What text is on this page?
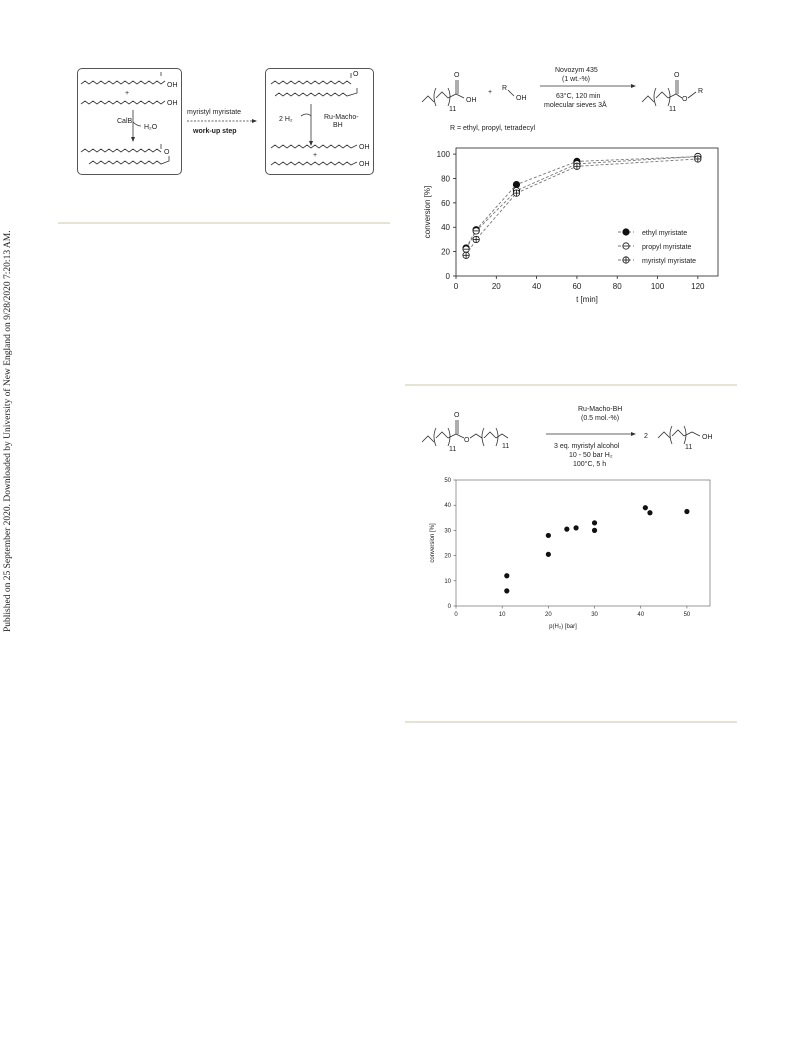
Published on 25 September 2020. Downloaded by University of New England on 9/28/2020 7:20:13 AM.
OH
+
OH
CalB
H₂O
O
myristyl myristate
work-up step
O
2 H₂	Ru-Macho-
BH
OH
+
OH
11
O
OH
+
R
OH
Novozym 435
(1 wt.-%)
63°C, 120 min
molecular sieves 3Å
11
O
O
R
R = ethyl, propyl, tetradecyl
0	20	40	60	80	100	120
0
20
40
60
80
100
t [min]
conversion [%]	ethyl myristate
propyl myristate
myristyl myristate
11
O
O
11
Ru-Macho-BH
(0.5 mol.-%)
3 eq. myristyl alcohol
10 - 50 bar H₂
100°C, 5 h
2
11
OH
0	10	20	30	40	50
0
10
20
30
40
50
p(H₂) [bar]
conversion [%]
